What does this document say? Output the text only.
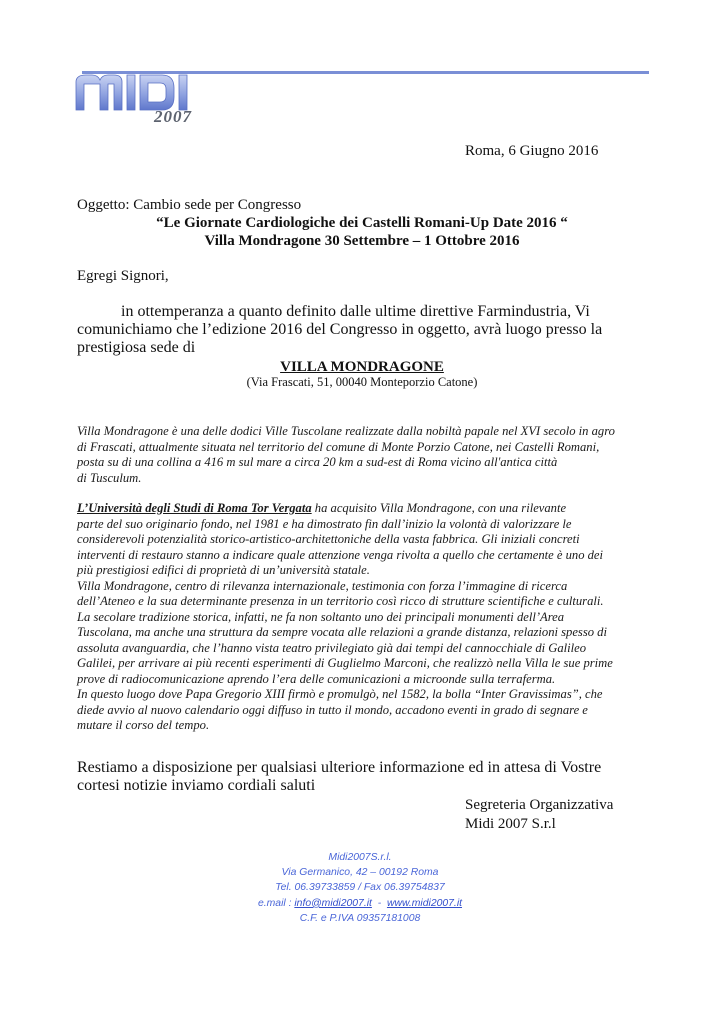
2007
Roma, 6 Giugno 2016
Oggetto: Cambio sede per Congresso
“Le Giornate Cardiologiche dei Castelli Romani-Up Date 2016 “
Villa Mondragone 30 Settembre – 1 Ottobre 2016
Egregi Signori,
in ottemperanza a quanto definito dalle ultime direttive Farmindustria, Vi
comunichiamo che l’edizione 2016 del Congresso in oggetto, avrà luogo presso la
prestigiosa sede di
VILLA MONDRAGONE
(Via Frascati, 51, 00040 Monteporzio Catone)
Villa Mondragone è una delle dodici Ville Tuscolane realizzate dalla nobiltà papale nel XVI secolo in agro
di Frascati, attualmente situata nel territorio del comune di Monte Porzio Catone, nei Castelli Romani,
posta su di una collina a 416 m sul mare a circa 20 km a sud-est di Roma vicino all'antica città
di Tusculum.
L’Università degli Studi di Roma Tor Vergata ha acquisito Villa Mondragone, con una rilevante
parte del suo originario fondo, nel 1981 e ha dimostrato fin dall’inizio la volontà di valorizzare le
considerevoli potenzialità storico-artistico-architettoniche della vasta fabbrica. Gli iniziali concreti
interventi di restauro stanno a indicare quale attenzione venga rivolta a quello che certamente è uno dei
più prestigiosi edifici di proprietà di un’università statale.
Villa Mondragone, centro di rilevanza internazionale, testimonia con forza l’immagine di ricerca
dell’Ateneo e la sua determinante presenza in un territorio così ricco di strutture scientifiche e culturali.
La secolare tradizione storica, infatti, ne fa non soltanto uno dei principali monumenti dell’Area
Tuscolana, ma anche una struttura da sempre vocata alle relazioni a grande distanza, relazioni spesso di
assoluta avanguardia, che l’hanno vista teatro privilegiato già dai tempi del cannocchiale di Galileo
Galilei, per arrivare ai più recenti esperimenti di Guglielmo Marconi, che realizzò nella Villa le sue prime
prove di radiocomunicazione aprendo l’era delle comunicazioni a microonde sulla terraferma.
In questo luogo dove Papa Gregorio XIII firmò e promulgò, nel 1582, la bolla “Inter Gravissimas”, che
diede avvio al nuovo calendario oggi diffuso in tutto il mondo, accadono eventi in grado di segnare e
mutare il corso del tempo.
Restiamo a disposizione per qualsiasi ulteriore informazione ed in attesa di Vostre
cortesi notizie inviamo cordiali saluti
Segreteria Organizzativa
Midi 2007 S.r.l
Midi2007S.r.l.
Via Germanico, 42 – 00192 Roma
Tel. 06.39733859 / Fax 06.39754837
e.mail : info@midi2007.it  -  www.midi2007.it
C.F. e P.IVA 09357181008
